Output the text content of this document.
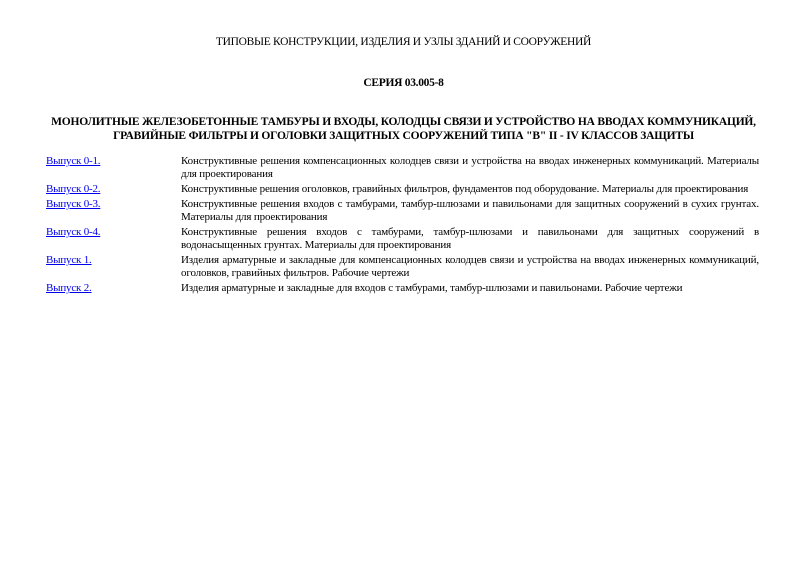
ТИПОВЫЕ КОНСТРУКЦИИ, ИЗДЕЛИЯ И УЗЛЫ ЗДАНИЙ И СООРУЖЕНИЙ
СЕРИЯ 03.005-8
МОНОЛИТНЫЕ ЖЕЛЕЗОБЕТОННЫЕ ТАМБУРЫ И ВХОДЫ, КОЛОДЦЫ СВЯЗИ И УСТРОЙСТВО НА ВВОДАХ КОММУНИКАЦИЙ, ГРАВИЙНЫЕ ФИЛЬТРЫ И ОГОЛОВКИ ЗАЩИТНЫХ СООРУЖЕНИЙ ТИПА "В" II - IV КЛАССОВ ЗАЩИТЫ
Выпуск 0-1.	Конструктивные решения компенсационных колодцев связи и устройства на вводах инженерных коммуникаций. Материалы для проектирования
Выпуск 0-2.	Конструктивные решения оголовков, гравийных фильтров, фундаментов под оборудование. Материалы для проектирования
Выпуск 0-3.	Конструктивные решения входов с тамбурами, тамбур-шлюзами и павильонами для защитных сооружений в сухих грунтах. Материалы для проектирования
Выпуск 0-4.	Конструктивные решения входов с тамбурами, тамбур-шлюзами и павильонами для защитных сооружений в водонасыщенных грунтах. Материалы для проектирования
Выпуск 1.	Изделия арматурные и закладные для компенсационных колодцев связи и устройства на вводах инженерных коммуникаций, оголовков, гравийных фильтров. Рабочие чертежи
Выпуск 2.	Изделия арматурные и закладные для входов с тамбурами, тамбур-шлюзами и павильонами. Рабочие чертежи
